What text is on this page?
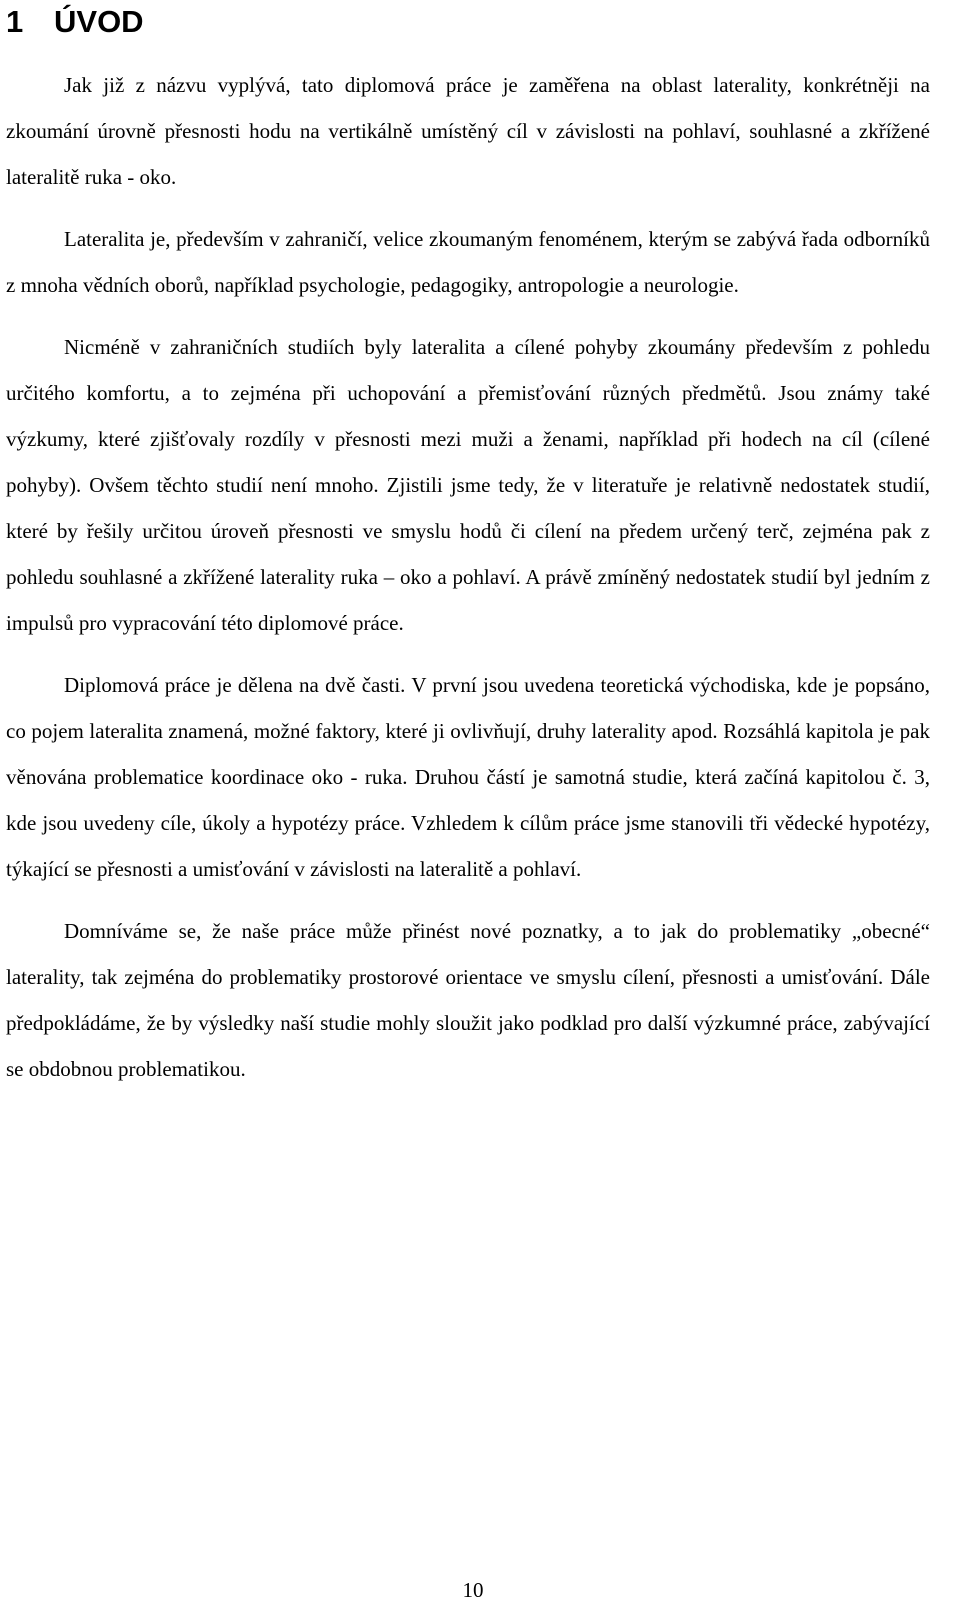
1 ÚVOD

Jak již z názvu vyplývá, tato diplomová práce je zaměřena na oblast laterality, konkrétněji na zkoumání úrovně přesnosti hodu na vertikálně umístěný cíl v závislosti na pohlaví, souhlasné a zkřížené lateralitě ruka - oko.

Lateralita je, především v zahraničí, velice zkoumaným fenoménem, kterým se zabývá řada odborníků z mnoha vědních oborů, například psychologie, pedagogiky, antropologie a neurologie.

Nicméně v zahraničních studiích byly lateralita a cílené pohyby zkoumány především z pohledu určitého komfortu, a to zejména při uchopování a přemisťování různých předmětů. Jsou známy také výzkumy, které zjišťovaly rozdíly v přesnosti mezi muži a ženami, například při hodech na cíl (cílené pohyby). Ovšem těchto studií není mnoho. Zjistili jsme tedy, že v literatuře je relativně nedostatek studií, které by řešily určitou úroveň přesnosti ve smyslu hodů či cílení na předem určený terč, zejména pak z pohledu souhlasné a zkřížené laterality ruka – oko a pohlaví. A právě zmíněný nedostatek studií byl jedním z impulsů pro vypracování této diplomové práce.

Diplomová práce je dělena na dvě časti. V první jsou uvedena teoretická východiska, kde je popsáno, co pojem lateralita znamená, možné faktory, které ji ovlivňují, druhy laterality apod. Rozsáhlá kapitola je pak věnována problematice koordinace oko - ruka. Druhou částí je samotná studie, která začíná kapitolou č. 3, kde jsou uvedeny cíle, úkoly a hypotézy práce. Vzhledem k cílům práce jsme stanovili tři vědecké hypotézy, týkající se přesnosti a umisťování v závislosti na lateralitě a pohlaví.

Domníváme se, že naše práce může přinést nové poznatky, a to jak do problematiky „obecné“ laterality, tak zejména do problematiky prostorové orientace ve smyslu cílení, přesnosti a umisťování. Dále předpokládáme, že by výsledky naší studie mohly sloužit jako podklad pro další výzkumné práce, zabývající se obdobnou problematikou.

10
